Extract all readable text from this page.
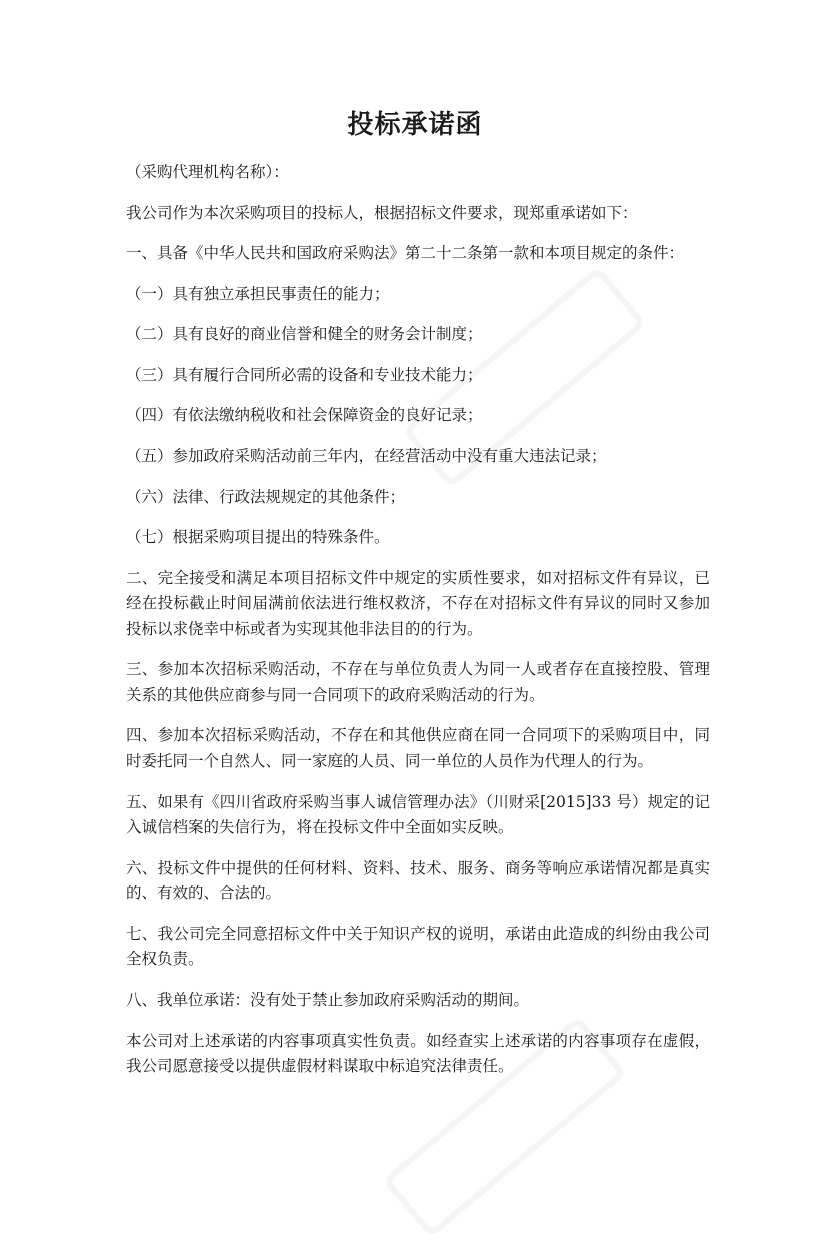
投标承诺函

（采购代理机构名称）：

我公司作为本次采购项目的投标人，根据招标文件要求，现郑重承诺如下：

一、具备《中华人民共和国政府采购法》第二十二条第一款和本项目规定的条件：

（一）具有独立承担民事责任的能力；

（二）具有良好的商业信誉和健全的财务会计制度；

（三）具有履行合同所必需的设备和专业技术能力；

（四）有依法缴纳税收和社会保障资金的良好记录；

（五）参加政府采购活动前三年内，在经营活动中没有重大违法记录；

（六）法律、行政法规规定的其他条件；

（七）根据采购项目提出的特殊条件。

二、完全接受和满足本项目招标文件中规定的实质性要求，如对招标文件有异议，已经在投标截止时间届满前依法进行维权救济，不存在对招标文件有异议的同时又参加投标以求侥幸中标或者为实现其他非法目的的行为。

三、参加本次招标采购活动，不存在与单位负责人为同一人或者存在直接控股、管理关系的其他供应商参与同一合同项下的政府采购活动的行为。

四、参加本次招标采购活动，不存在和其他供应商在同一合同项下的采购项目中，同时委托同一个自然人、同一家庭的人员、同一单位的人员作为代理人的行为。

五、如果有《四川省政府采购当事人诚信管理办法》（川财采[2015]33 号）规定的记入诚信档案的失信行为，将在投标文件中全面如实反映。

六、投标文件中提供的任何材料、资料、技术、服务、商务等响应承诺情况都是真实的、有效的、合法的。

七、我公司完全同意招标文件中关于知识产权的说明，承诺由此造成的纠纷由我公司全权负责。

八、我单位承诺：没有处于禁止参加政府采购活动的期间。

本公司对上述承诺的内容事项真实性负责。如经查实上述承诺的内容事项存在虚假，我公司愿意接受以提供虚假材料谋取中标追究法律责任。
